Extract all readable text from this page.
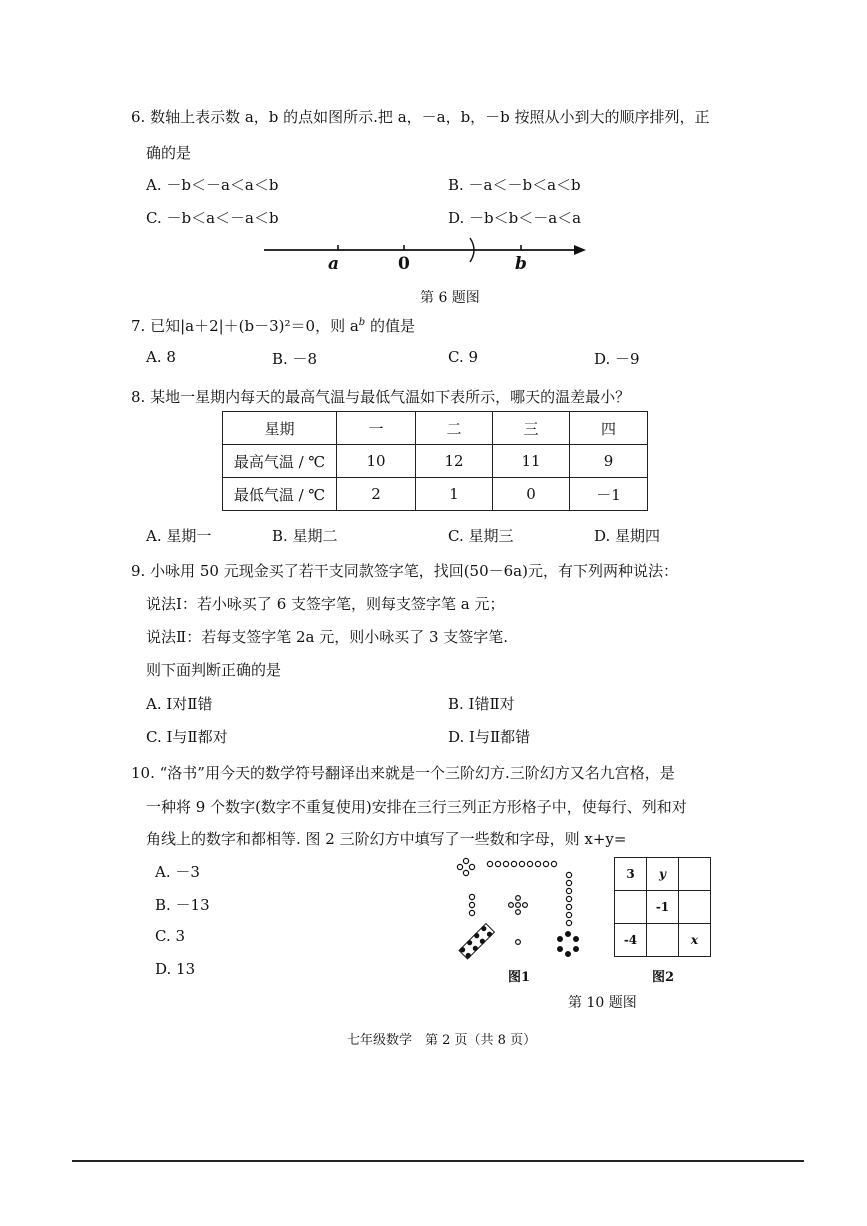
6. 数轴上表示数 a，b 的点如图所示.把 a，－a，b，－b 按照从小到大的顺序排列，正
确的是
A. －b＜－a＜a＜b	B. －a＜－b＜a＜b
C. －b＜a＜－a＜b	D. －b＜b＜－a＜a
a	0	b
第 6 题图
7. 已知|a＋2|＋(b－3)²＝0，则 $a^b$ 的值是
A. 8	B. －8	C. 9	D. －9
8. 某地一星期内每天的最高气温与最低气温如下表所示，哪天的温差最小？
星期	一	二	三	四
最高气温 / ℃	10	12	11	9
最低气温 / ℃	2	1	0	－1
A. 星期一	B. 星期二	C. 星期三	D. 星期四
9. 小咏用 50 元现金买了若干支同款签字笔，找回(50－6a)元，有下列两种说法：
说法Ⅰ：若小咏买了 6 支签字笔，则每支签字笔 a 元；
说法Ⅱ：若每支签字笔 2a 元，则小咏买了 3 支签字笔.
则下面判断正确的是
A. Ⅰ对Ⅱ错	B. Ⅰ错Ⅱ对
C. Ⅰ与Ⅱ都对	D. Ⅰ与Ⅱ都错
10. “洛书”用今天的数学符号翻译出来就是一个三阶幻方.三阶幻方又名九宫格，是
一种将 9 个数字(数字不重复使用)安排在三行三列正方形格子中，使每行、列和对
角线上的数字和都相等. 图 2 三阶幻方中填写了一些数和字母，则 x+y=
A. －3
B. －13
C. 3
D. 13	图1
3	y	
	-1	
-4		x
图2
第 10 题图
七年级数学　第 2 页（共 8 页）
